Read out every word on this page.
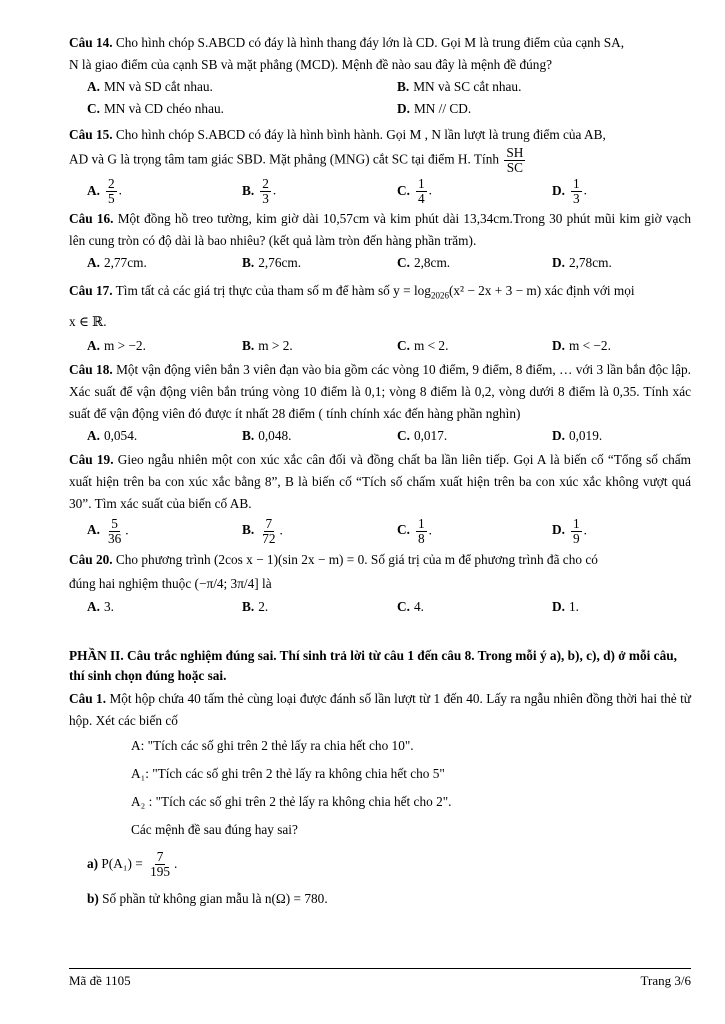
Câu 14. Cho hình chóp S.ABCD có đáy là hình thang đáy lớn là CD. Gọi M là trung điểm của cạnh SA,
N là giao điểm của cạnh SB và mặt phẳng (MCD). Mệnh đề nào sau đây là mệnh đề đúng?
A. MN và SD cắt nhau.	B. MN và SC cắt nhau.
C. MN và CD chéo nhau.	D. MN // CD.
Câu 15. Cho hình chóp S.ABCD có đáy là hình bình hành. Gọi M , N lần lượt là trung điểm của AB,
AD và G là trọng tâm tam giác SBD. Mặt phẳng (MNG) cắt SC tại điểm H. Tính $\frac{SH}{SC}$
A. $\frac{2}{5}$ .	B. $\frac{2}{3}$ .	C. $\frac{1}{4}$ .	D. $\frac{1}{3}$ .
Câu 16. Một đồng hồ treo tường, kim giờ dài 10,57cm và kim phút dài 13,34cm.Trong 30 phút mũi kim giờ vạch lên cung tròn có độ dài là bao nhiêu? (kết quả làm tròn đến hàng phần trăm).
A. 2,77cm.	B. 2,76cm.	C. 2,8cm.	D. 2,78cm.
Câu 17. Tìm tất cả các giá trị thực của tham số m để hàm số $y = \log_{2026}(x^2 - 2x + 3 - m)$ xác định với mọi
x ∈ ℝ.
A. m > −2.	B. m > 2.	C. m < 2.	D. m < −2.
Câu 18. Một vận động viên bắn 3 viên đạn vào bia gồm các vòng 10 điểm, 9 điểm, 8 điểm, … với 3 lần bắn độc lập. Xác suất để vận động viên bắn trúng vòng 10 điểm là 0,1; vòng 8 điểm là 0,2, vòng dưới 8 điểm là 0,35. Tính xác suất để vận động viên đó được ít nhất 28 điểm ( tính chính xác đến hàng phần nghìn)
A. 0,054.	B. 0,048.	C. 0,017.	D. 0,019.
Câu 19. Gieo ngẫu nhiên một con xúc xắc cân đối và đồng chất ba lần liên tiếp. Gọi A là biến cố “Tổng số chấm xuất hiện trên ba con xúc xắc bằng 8”, B là biến cố “Tích số chấm xuất hiện trên ba con xúc xắc không vượt quá 30”. Tìm xác suất của biến cố AB.
A. $\frac{5}{36}$ .	B. $\frac{7}{72}$ .	C. $\frac{1}{8}$ .	D. $\frac{1}{9}$ .
Câu 20. Cho phương trình (2cos x − 1)(sin 2x − m) = 0. Số giá trị của m để phương trình đã cho có
đúng hai nghiệm thuộc (−π/4; 3π/4] là
A. 3.	B. 2.	C. 4.	D. 1.
PHẦN II. Câu trắc nghiệm đúng sai. Thí sinh trả lời từ câu 1 đến câu 8. Trong mỗi ý a), b), c), d) ở mỗi câu, thí sinh chọn đúng hoặc sai.
Câu 1. Một hộp chứa 40 tấm thẻ cùng loại được đánh số lần lượt từ 1 đến 40. Lấy ra ngẫu nhiên đồng thời hai thẻ từ hộp. Xét các biến cố
A: "Tích các số ghi trên 2 thẻ lấy ra chia hết cho 10".
A₁: "Tích các số ghi trên 2 thẻ lấy ra không chia hết cho 5"
A₂ : "Tích các số ghi trên 2 thẻ lấy ra không chia hết cho 2".
Các mệnh đề sau đúng hay sai?
a) $P(A_1) = \frac{7}{195}$ .
b) Số phần tử không gian mẫu là n(Ω) = 780.
Mã đề 1105	Trang 3/6
